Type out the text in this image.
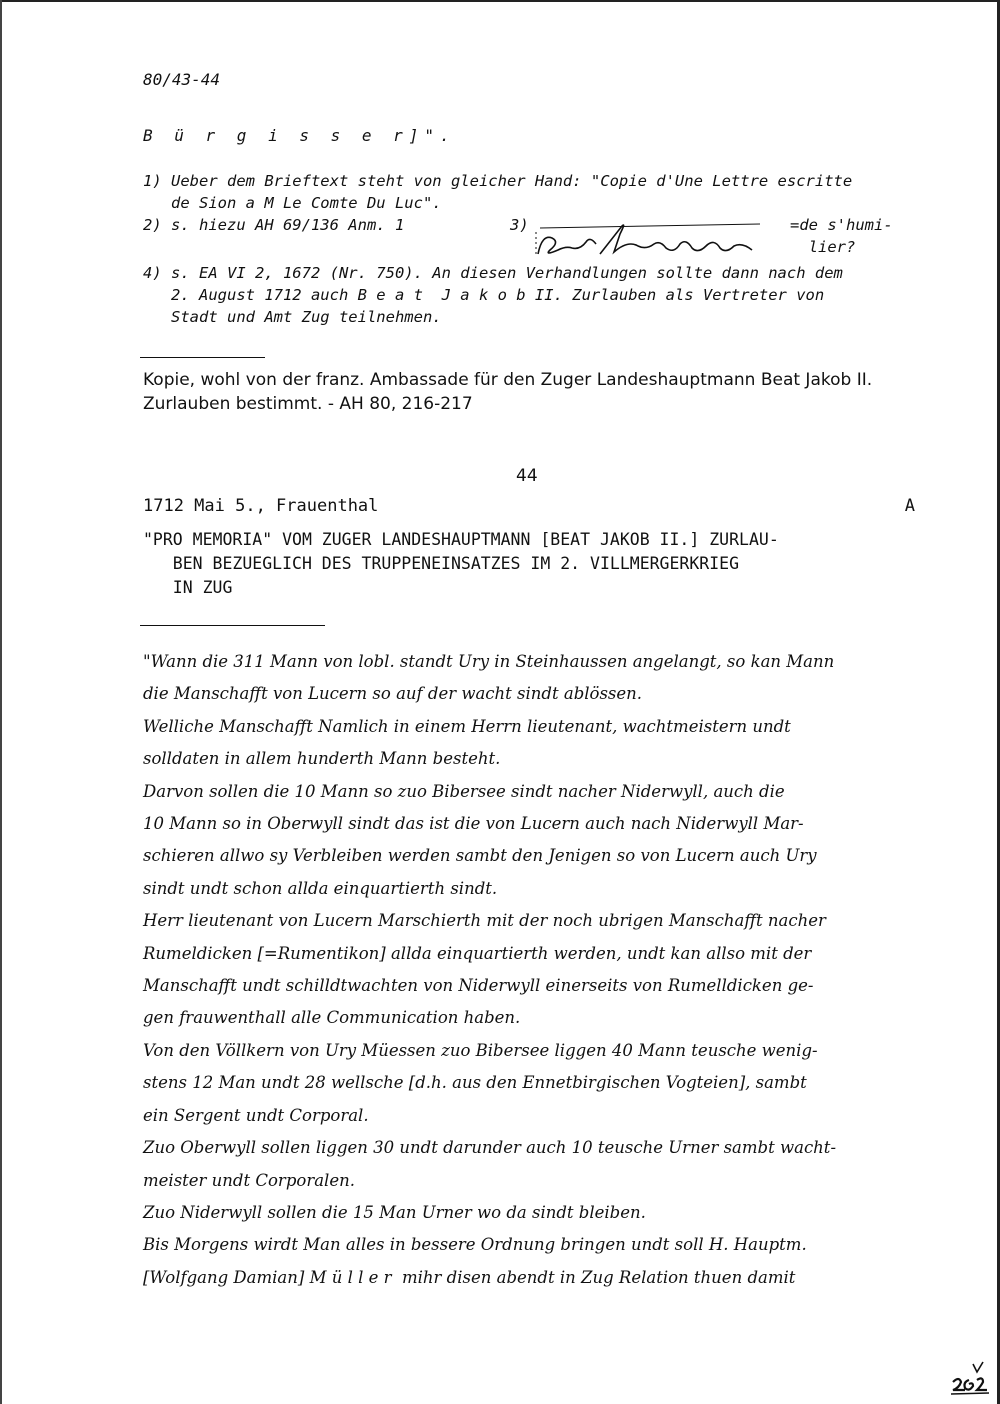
80/43-44
B ü r g i s s e r]".
1) Ueber dem Brieftext steht von gleicher Hand: "Copie d'Une Lettre escritte
de Sion a M Le Comte Du Luc".
2) s. hiezu AH 69/136 Anm. 1	3)	=de s'humi-
lier?
4) s. EA VI 2, 1672 (Nr. 750). An diesen Verhandlungen sollte dann nach dem
2. August 1712 auch B e a t  J a k o b II. Zurlauben als Vertreter von
Stadt und Amt Zug teilnehmen.
Kopie, wohl von der franz. Ambassade für den Zuger Landeshauptmann Beat Jakob II. Zurlauben bestimmt. - AH 80, 216-217
44
1712 Mai 5., Frauenthal	A
"PRO MEMORIA" VOM ZUGER LANDESHAUPTMANN [BEAT JAKOB II.] ZURLAU-
BEN BEZUEGLICH DES TRUPPENEINSATZES IM 2. VILLMERGERKRIEG
IN ZUG
"Wann die 311 Mann von lobl. standt Ury in Steinhaussen angelangt, so kan Mann
die Manschafft von Lucern so auf der wacht sindt ablössen.
Welliche Manschafft Namlich in einem Herrn lieutenant, wachtmeistern undt
solldaten in allem hunderth Mann besteht.
Darvon sollen die 10 Mann so zuo Bibersee sindt nacher Niderwyll, auch die
10 Mann so in Oberwyll sindt das ist die von Lucern auch nach Niderwyll Mar-
schieren allwo sy Verbleiben werden sambt den Jenigen so von Lucern auch Ury
sindt undt schon allda einquartierth sindt.
Herr lieutenant von Lucern Marschierth mit der noch ubrigen Manschafft nacher
Rumeldicken [=Rumentikon] allda einquartierth werden, undt kan allso mit der
Manschafft undt schilldtwachten von Niderwyll einerseits von Rumelldicken ge-
gen frauwenthall alle Communication haben.
Von den Völlkern von Ury Müessen zuo Bibersee liggen 40 Mann teusche wenig-
stens 12 Man undt 28 wellsche [d.h. aus den Ennetbirgischen Vogteien], sambt
ein Sergent undt Corporal.
Zuo Oberwyll sollen liggen 30 undt darunder auch 10 teusche Urner sambt wacht-
meister undt Corporalen.
Zuo Niderwyll sollen die 15 Man Urner wo da sindt bleiben.
Bis Morgens wirdt Man alles in bessere Ordnung bringen undt soll H. Hauptm.
[Wolfgang Damian] M ü l l e r  mihr disen abendt in Zug Relation thuen damit
